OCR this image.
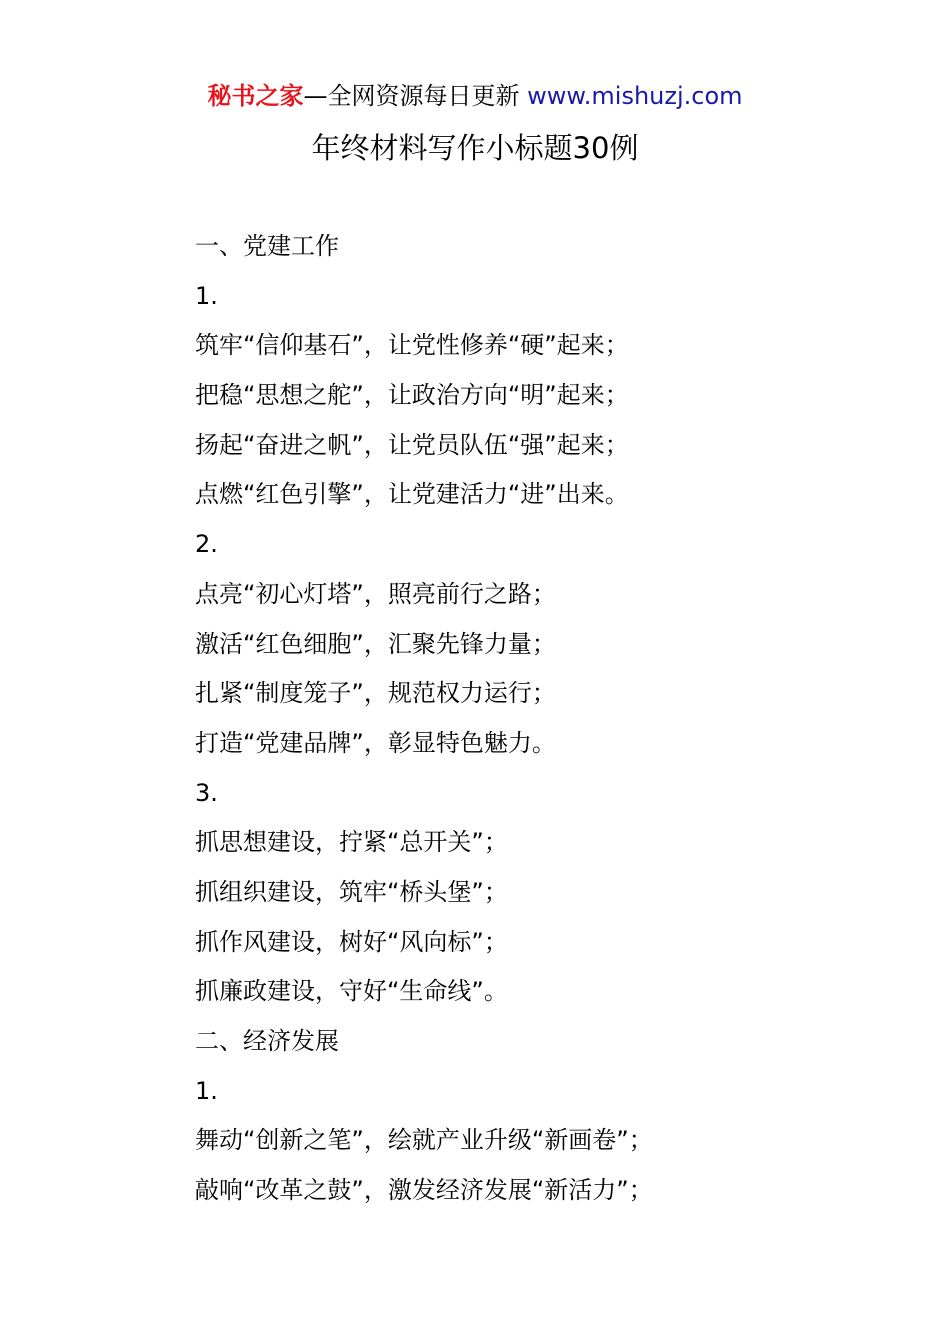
秘书之家—全网资源每日更新 www.mishuzj.com
年终材料写作小标题30例
一、党建工作
1.
筑牢“信仰基石”，让党性修养“硬”起来；
把稳“思想之舵”，让政治方向“明”起来；
扬起“奋进之帆”，让党员队伍“强”起来；
点燃“红色引擎”，让党建活力“进”出来。
2.
点亮“初心灯塔”，照亮前行之路；
激活“红色细胞”，汇聚先锋力量；
扎紧“制度笼子”，规范权力运行；
打造“党建品牌”，彰显特色魅力。
3.
抓思想建设，拧紧“总开关”；
抓组织建设，筑牢“桥头堡”；
抓作风建设，树好“风向标”；
抓廉政建设，守好“生命线”。
二、经济发展
1.
舞动“创新之笔”，绘就产业升级“新画卷”；
敲响“改革之鼓”，激发经济发展“新活力”；
